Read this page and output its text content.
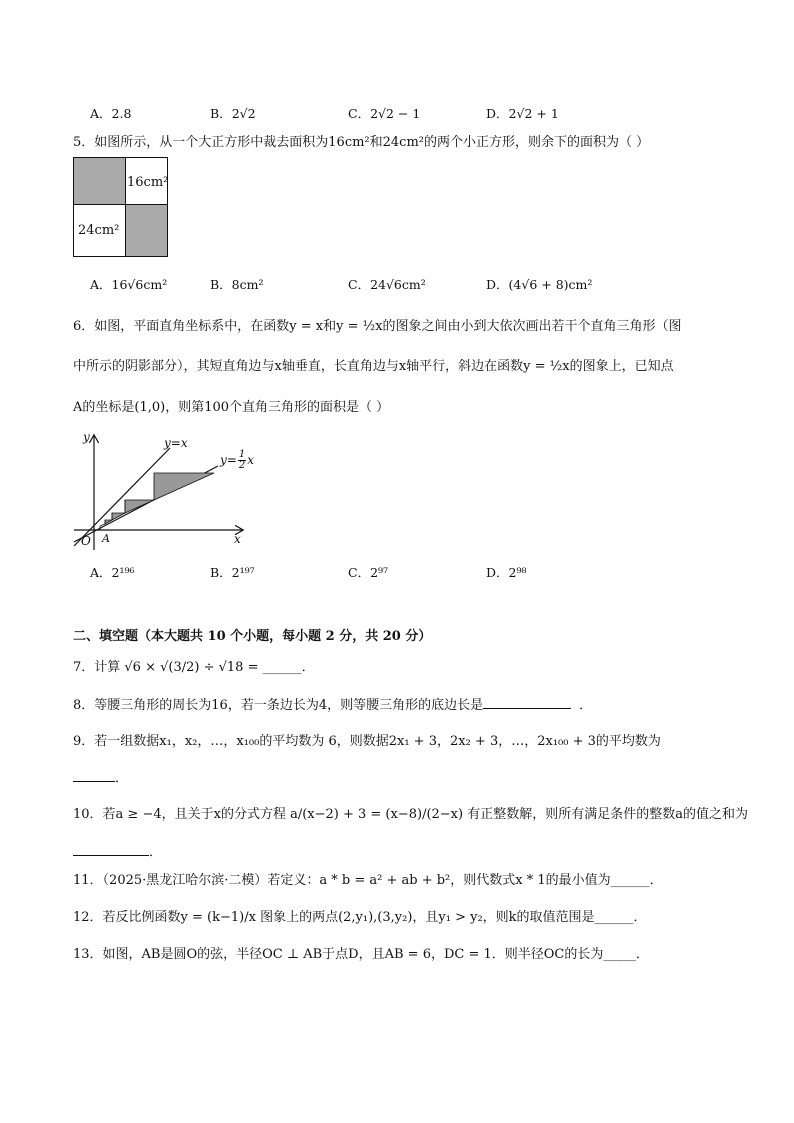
A．2.8	B．2√2	C．2√2 − 1	D．2√2 + 1
5．如图所示，从一个大正方形中裁去面积为16cm²和24cm²的两个小正方形，则余下的面积为（ ）
16cm²
24cm²
A．16√6cm²	B．8cm²	C．24√6cm²	D．(4√6 + 8)cm²
6．如图，平面直角坐标系中，在函数y = x和y = ½x的图象之间由小到大依次画出若干个直角三角形（图
中所示的阴影部分），其短直角边与x轴垂直，长直角边与x轴平行，斜边在函数y = ½x的图象上，已知点
A的坐标是(1,0)，则第100个直角三角形的面积是（ ）
y
x
O A
y=x
$y= \frac{1}{2}$ x
A．2¹⁹⁶	B．2¹⁹⁷	C．2⁹⁷	D．2⁹⁸
二、填空题（本大题共 10 个小题，每小题 2 分，共 20 分）
7．计算 √6 × √(3/2) ÷ √18 = ______．
8．等腰三角形的周长为16，若一条边长为4，则等腰三角形的底边长是	．
9．若一组数据x₁，x₂，…，x₁₀₀的平均数为 6，则数据2x₁ + 3，2x₂ + 3，…，2x₁₀₀ + 3的平均数为
．
10．若a ≥ −4，且关于x的分式方程 a/(x−2) + 3 = (x−8)/(2−x) 有正整数解，则所有满足条件的整数a的值之和为
．
11．（2025·黑龙江哈尔滨·二模）若定义：a * b = a² + ab + b²，则代数式x * 1的最小值为______．
12．若反比例函数y = (k−1)/x 图象上的两点(2,y₁),(3,y₂)，且y₁ > y₂，则k的取值范围是______．
13．如图，AB是圆O的弦，半径OC ⊥ AB于点D，且AB = 6，DC = 1．则半径OC的长为_____．
